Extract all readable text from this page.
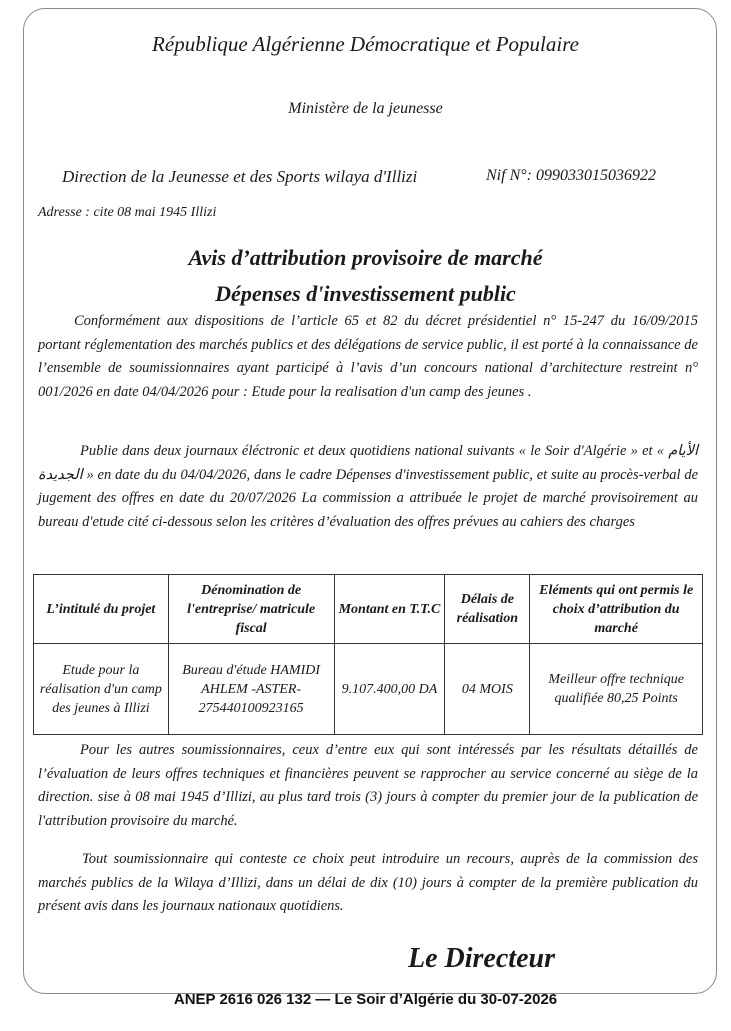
République Algérienne Démocratique et Populaire
Ministère de la jeunesse
Direction de la Jeunesse et des Sports wilaya d'Illizi	Nif N°: 099033015036922
Adresse : cite 08 mai 1945 Illizi
Avis d’attribution provisoire de marché
Dépenses d'investissement public
Conformément aux dispositions de l’article 65 et 82 du décret présidentiel n° 15-247 du 16/09/2015 portant réglementation des marchés publics et des délégations de service public, il est porté à la connaissance de l’ensemble de soumissionnaires ayant participé à l’avis d’un concours national d’architecture restreint n° 001/2026 en date 04/04/2026 pour : Etude pour la realisation d'un camp des jeunes .
Publie dans deux journaux éléctronic et deux quotidiens national suivants « le Soir d'Algérie » et « الأيام الجديدة » en date du du 04/04/2026, dans le cadre Dépenses d'investissement public, et suite au procès-verbal de jugement des offres en date du 20/07/2026 La commission a attribuée le projet de marché provisoirement au bureau d'etude cité ci-dessous selon les critères d’évaluation des offres prévues au cahiers des charges
L’intitulé du projet	Dénomination de l'entreprise/ matricule fiscal	Montant en T.T.C	Délais de réalisation	Eléments qui ont permis le choix d’attribution du marché
Etude pour la réalisation d'un camp des jeunes à Illizi	Bureau d'étude HAMIDI AHLEM -ASTER- 275440100923165	9.107.400,00 DA	04 MOIS	Meilleur offre technique qualifiée 80,25 Points
Pour les autres soumissionnaires, ceux d’entre eux qui sont intéressés par les résultats détaillés de l’évaluation de leurs offres techniques et financières peuvent se rapprocher au service concerné au siège de la direction. sise à 08 mai 1945 d’Illizi, au plus tard trois (3) jours à compter du premier jour de la publication de l'attribution provisoire du marché.
Tout soumissionnaire qui conteste ce choix peut introduire un recours, auprès de la commission des marchés publics de la Wilaya d’Illizi, dans un délai de dix (10) jours à compter de la première publication du présent avis dans les journaux nationaux quotidiens.
Le Directeur
ANEP 2616 026 132 — Le Soir d’Algérie du 30-07-2026
